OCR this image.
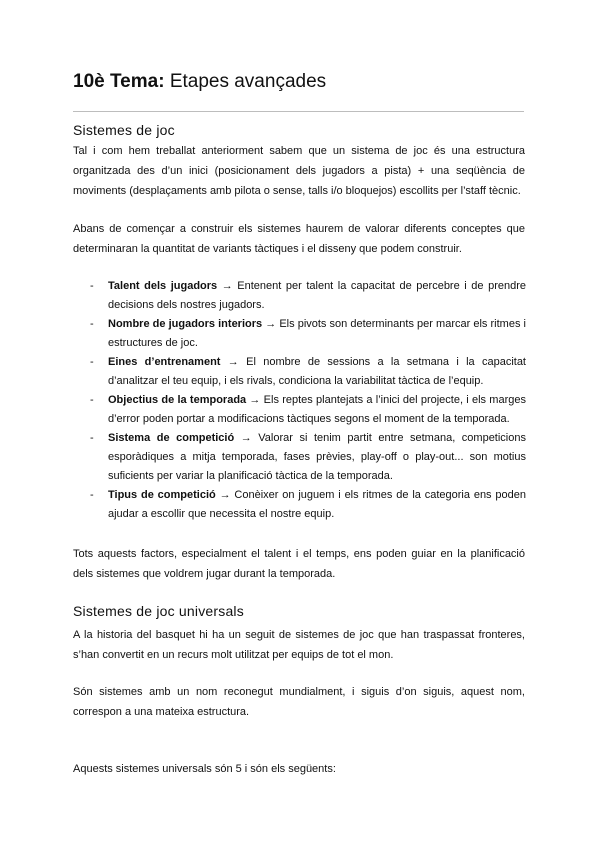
10è Tema: Etapes avançades
Sistemes de joc

Tal i com hem treballat anteriorment sabem que un sistema de joc és una estructura organitzada des d’un inici (posicionament dels jugadors a pista) + una seqüència de moviments (desplaçaments amb pilota o sense, talls i/o bloquejos) escollits per l’staff tècnic.

Abans de començar a construir els sistemes haurem de valorar diferents conceptes que determinaran la quantitat de variants tàctiques i el disseny que podem construir.

- Talent dels jugadors → Entenent per talent la capacitat de percebre i de prendre decisions dels nostres jugadors.
- Nombre de jugadors interiors → Els pivots son determinants per marcar els ritmes i estructures de joc.
- Eines d’entrenament → El nombre de sessions a la setmana i la capacitat d’analitzar el teu equip, i els rivals, condiciona la variabilitat tàctica de l’equip.
- Objectius de la temporada → Els reptes plantejats a l’inici del projecte, i els marges d’error poden portar a modificacions tàctiques segons el moment de la temporada.
- Sistema de competició → Valorar si tenim partit entre setmana, competicions esporàdiques a mitja temporada, fases prèvies, play-off o play-out... son motius suficients per variar la planificació tàctica de la temporada.
- Tipus de competició → Conèixer on juguem i els ritmes de la categoria ens poden ajudar a escollir que necessita el nostre equip.

Tots aquests factors, especialment el talent i el temps, ens poden guiar en la planificació dels sistemes que voldrem jugar durant la temporada.

Sistemes de joc universals

A la historia del basquet hi ha un seguit de sistemes de joc que han traspassat fronteres, s’han convertit en un recurs molt utilitzat per equips de tot el mon.

Són sistemes amb un nom reconegut mundialment, i siguis d’on siguis, aquest nom, correspon a una mateixa estructura.

Aquests sistemes universals són 5 i són els següents:
